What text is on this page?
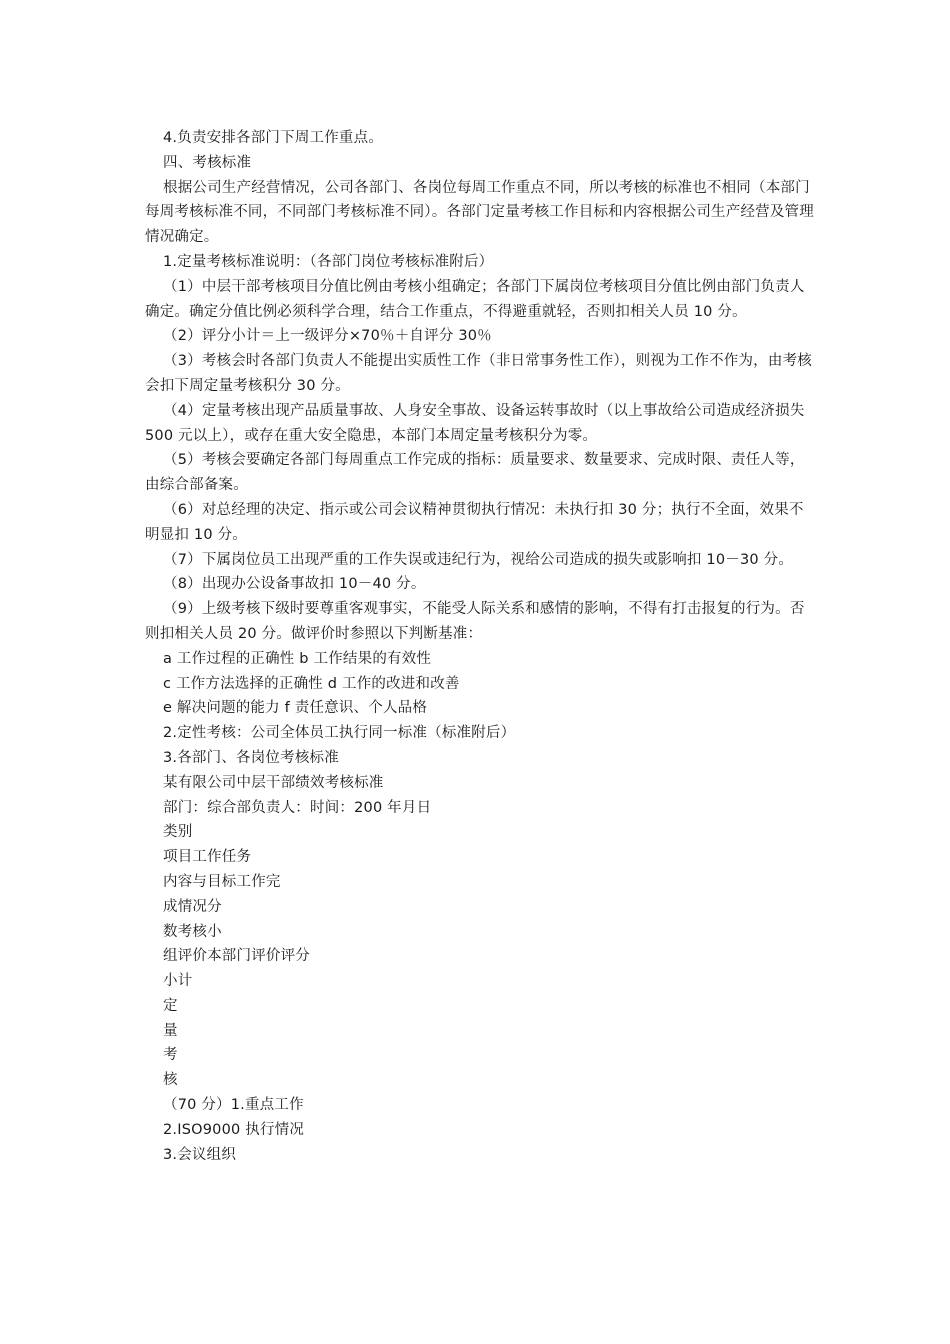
4.负责安排各部门下周工作重点。

四、考核标准

根据公司生产经营情况，公司各部门、各岗位每周工作重点不同，所以考核的标准也不相同（本部门每周考核标准不同，不同部门考核标准不同）。各部门定量考核工作目标和内容根据公司生产经营及管理情况确定。

1.定量考核标准说明：（各部门岗位考核标准附后）

（1）中层干部考核项目分值比例由考核小组确定；各部门下属岗位考核项目分值比例由部门负责人确定。确定分值比例必须科学合理，结合工作重点，不得避重就轻，否则扣相关人员 10 分。

（2）评分小计＝上一级评分×70％＋自评分 30％

（3）考核会时各部门负责人不能提出实质性工作（非日常事务性工作），则视为工作不作为，由考核会扣下周定量考核积分 30 分。

（4）定量考核出现产品质量事故、人身安全事故、设备运转事故时（以上事故给公司造成经济损失 500 元以上），或存在重大安全隐患，本部门本周定量考核积分为零。

（5）考核会要确定各部门每周重点工作完成的指标：质量要求、数量要求、完成时限、责任人等，由综合部备案。

（6）对总经理的决定、指示或公司会议精神贯彻执行情况：未执行扣 30 分；执行不全面，效果不明显扣 10 分。

（7）下属岗位员工出现严重的工作失误或违纪行为，视给公司造成的损失或影响扣 10－30 分。

（8）出现办公设备事故扣 10－40 分。

（9）上级考核下级时要尊重客观事实，不能受人际关系和感情的影响，不得有打击报复的行为。否则扣相关人员 20 分。做评价时参照以下判断基准：

a 工作过程的正确性 b 工作结果的有效性

c 工作方法选择的正确性 d 工作的改进和改善

e 解决问题的能力 f 责任意识、个人品格

2.定性考核：公司全体员工执行同一标准（标准附后）

3.各部门、各岗位考核标准

某有限公司中层干部绩效考核标准

部门：综合部负责人：时间：200 年月日

类别

项目工作任务

内容与目标工作完

成情况分

数考核小

组评价本部门评价评分

小计

定

量

考

核

（70 分）1.重点工作

2.ISO9000 执行情况

3.会议组织
